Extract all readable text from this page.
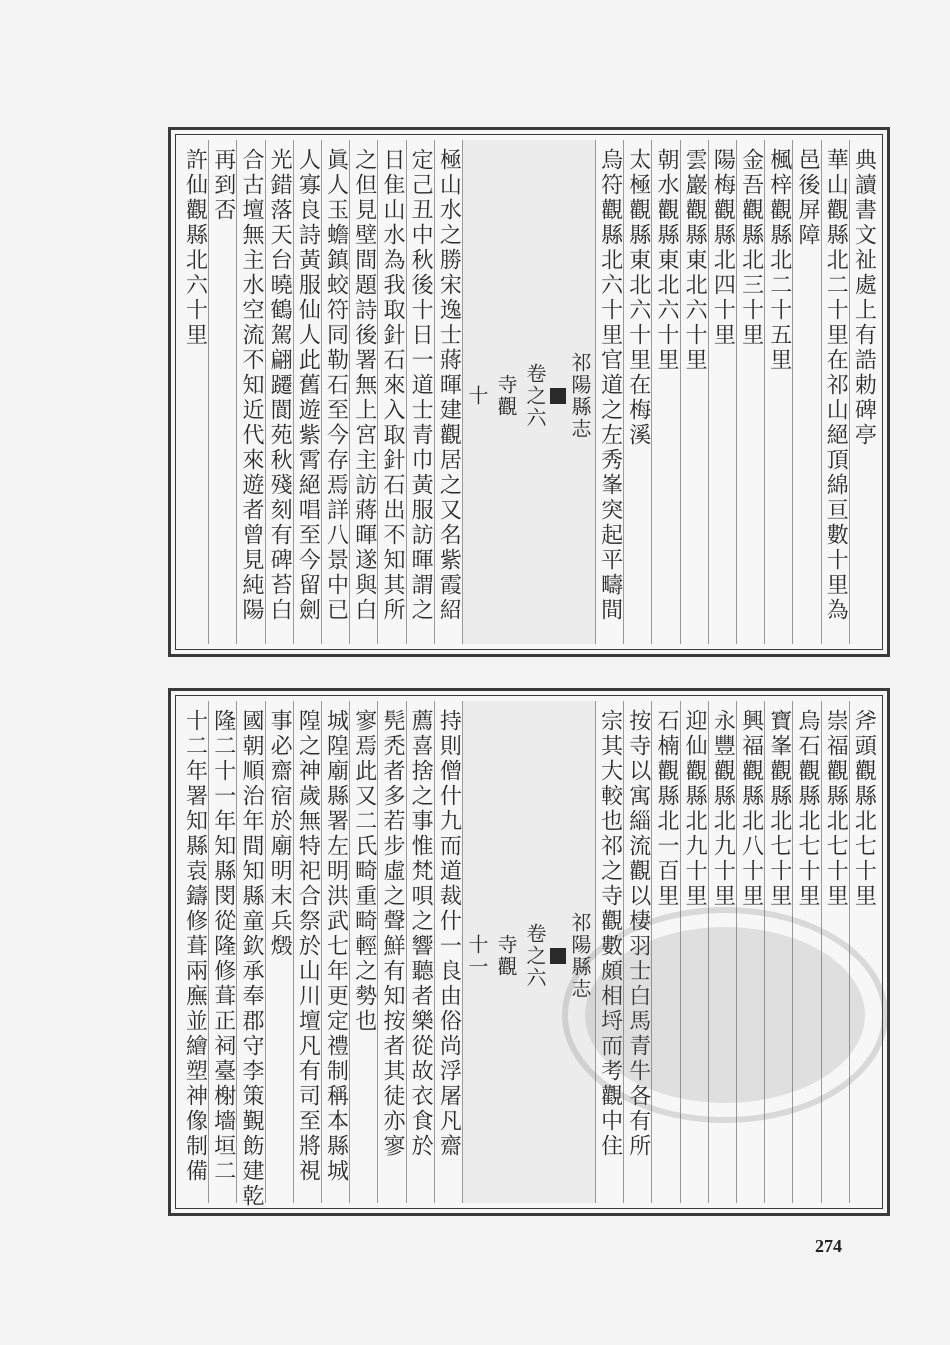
典讀書文祉處上有誥勅碑亭
華山觀縣北二十里在祁山絕頂綿亘數十里為
邑後屏障
楓梓觀縣北二十五里
金吾觀縣北三十里
陽梅觀縣北四十里
雲巖觀縣東北六十里
朝水觀縣東北六十里
太極觀縣東北六十里在梅溪
烏符觀縣北六十里官道之左秀峯突起平疇間
祁陽縣志
卷之六
寺觀
十
極山水之勝宋逸士蔣暉建觀居之又名紫霞紹
定己丑中秋後十日一道士青巾黃服訪暉謂之
日隹山水為我取針石來入取針石出不知其所
之但見壁間題詩後署無上宮主訪蔣暉遂與白
眞人玉蟾鎮蛟符同勒石至今存焉詳八景中已
人寡良詩黃服仙人此舊遊紫霄絕唱至今留劍
光錯落天台曉鶴駕翩躚閬苑秋殘刻有碑苔白
合古壇無主水空流不知近代來遊者曾見純陽
再到否
許仙觀縣北六十里
斧頭觀縣北七十里
崇福觀縣北七十里
烏石觀縣北七十里
寶峯觀縣北七十里
興福觀縣北八十里
永豐觀縣北九十里
迎仙觀縣北九十里
石楠觀縣北一百里
按寺以寓緇流觀以棲羽士白馬青牛各有所
宗其大較也祁之寺觀數頗相埒而考觀中住
祁陽縣志
卷之六
寺觀
十一
持則僧什九而道裁什一良由俗尚浮屠凡齋
薦喜捨之事惟梵唄之響聽者樂從故衣食於
髡禿者多若步虛之聲鮮有知按者其徒亦寥
寥焉此又二氏畸重畸輕之勢也
城隍廟縣署左明洪武七年更定禮制稱本縣城
隍之神歲無特祀合祭於山川壇凡有司至將視
事必齋宿於廟明末兵燬
國朝順治年間知縣童欽承奉郡守李策覲飭建乾
隆二十一年知縣閔從隆修葺正祠臺榭墻垣二
十二年署知縣袁鑄修葺兩廡並繪塑神像制備
274
